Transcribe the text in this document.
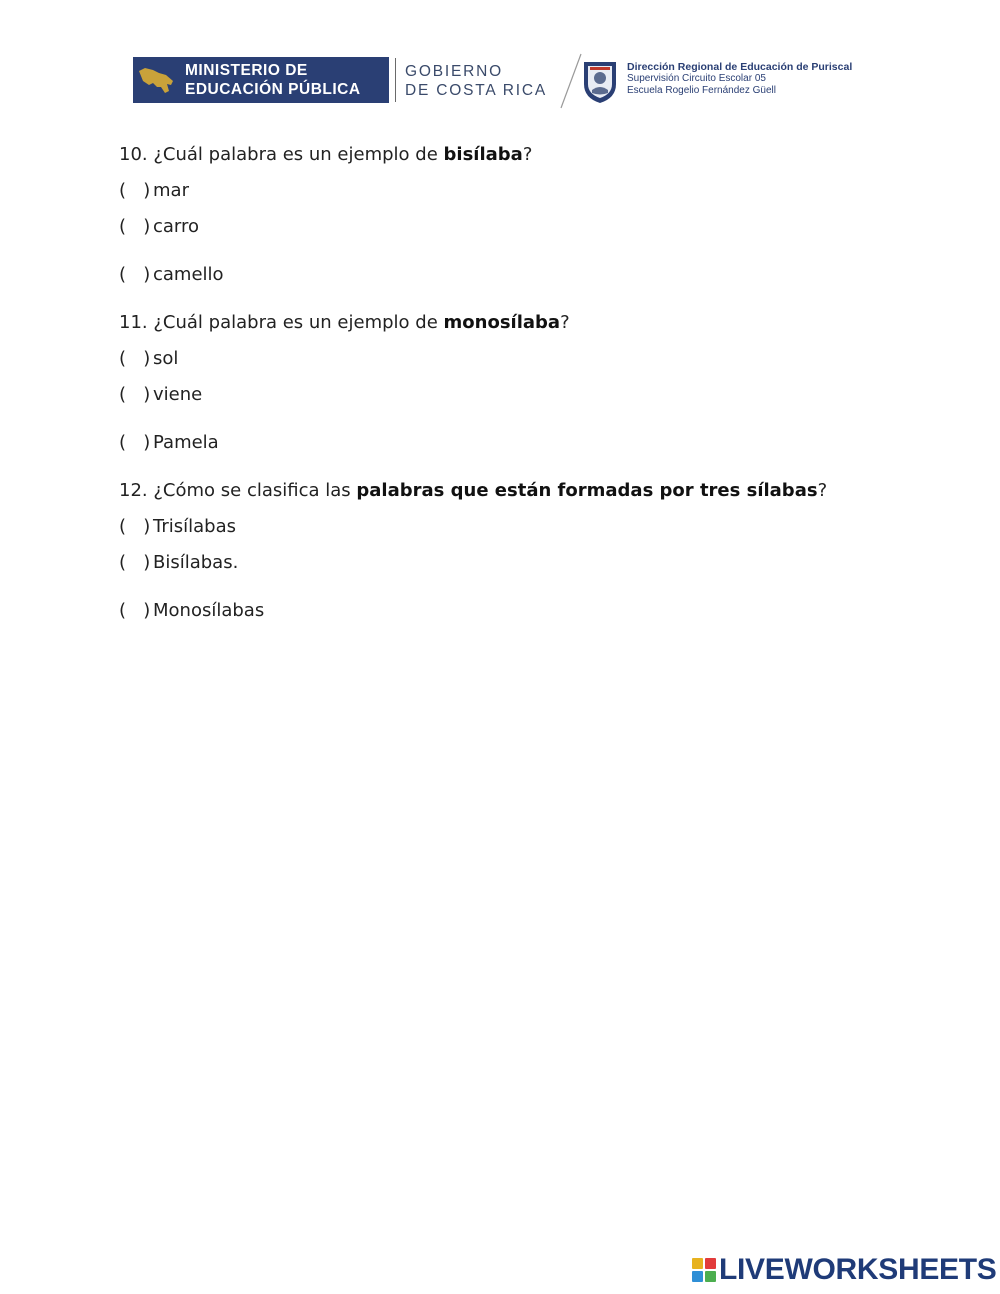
MINISTERIO DE
EDUCACIÓN PÚBLICA
GOBIERNO
DE COSTA RICA
Dirección Regional de Educación de Puriscal
Supervisión Circuito Escolar 05
Escuela Rogelio Fernández Güell
10. ¿Cuál palabra es un ejemplo de bisílaba?
( ) mar
( ) carro
( ) camello
11. ¿Cuál palabra es un ejemplo de monosílaba?
( ) sol
( ) viene
( ) Pamela
12. ¿Cómo se clasifica las palabras que están formadas por tres sílabas?
( ) Trisílabas
( ) Bisílabas.
( ) Monosílabas
LIVEWORKSHEETS
